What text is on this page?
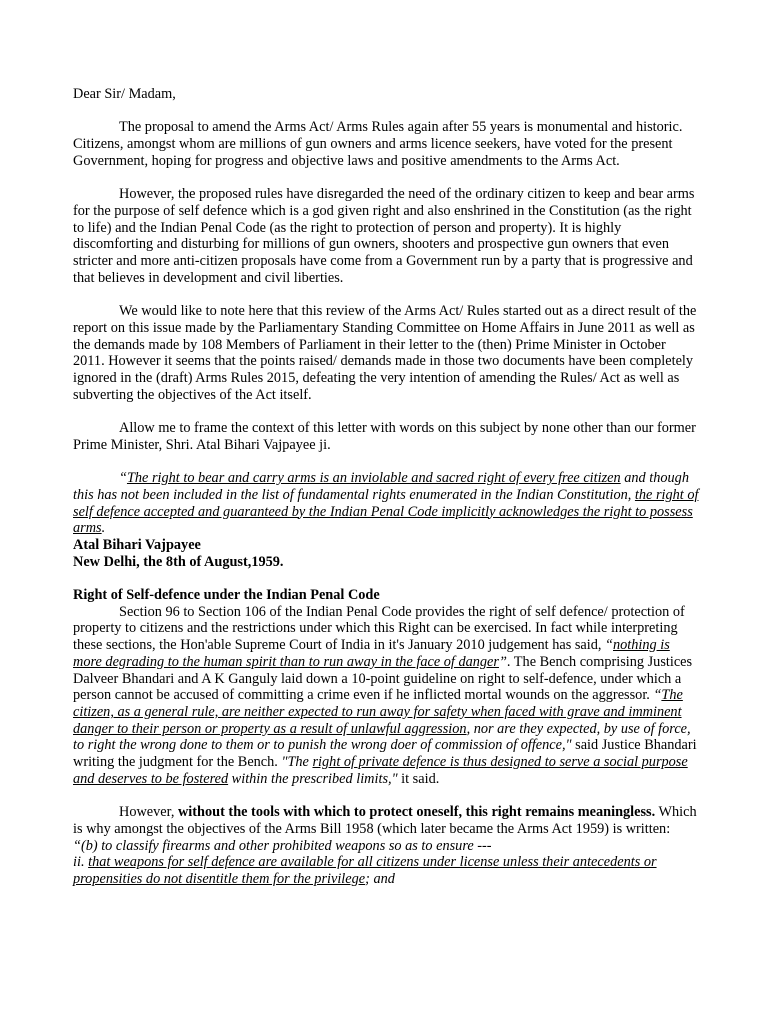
Dear Sir/ Madam,

The proposal to amend the Arms Act/ Arms Rules again after 55 years is monumental and historic. Citizens, amongst whom are millions of gun owners and arms licence seekers, have voted for the present Government, hoping for progress and objective laws and positive amendments to the Arms Act.

However, the proposed rules have disregarded the need of the ordinary citizen to keep and bear arms for the purpose of self defence which is a god given right and also enshrined in the Constitution (as the right to life) and the Indian Penal Code (as the right to protection of person and property). It is highly discomforting and disturbing for millions of gun owners, shooters and prospective gun owners that even stricter and more anti-citizen proposals have come from a Government run by a party that is progressive and that believes in development and civil liberties.

We would like to note here that this review of the Arms Act/ Rules started out as a direct result of the report on this issue made by the Parliamentary Standing Committee on Home Affairs in June 2011 as well as the demands made by 108 Members of Parliament in their letter to the (then) Prime Minister in October 2011. However it seems that the points raised/ demands made in those two documents have been completely ignored in the (draft) Arms Rules 2015, defeating the very intention of amending the Rules/ Act as well as subverting the objectives of the Act itself.

Allow me to frame the context of this letter with words on this subject by none other than our former Prime Minister, Shri. Atal Bihari Vajpayee ji.

“The right to bear and carry arms is an inviolable and sacred right of every free citizen and though this has not been included in the list of fundamental rights enumerated in the Indian Constitution, the right of self defence accepted and guaranteed by the Indian Penal Code implicitly acknowledges the right to possess arms.

Atal Bihari Vajpayee

New Delhi, the 8th of August,1959.

Right of Self-defence under the Indian Penal Code

Section 96 to Section 106 of the Indian Penal Code provides the right of self defence/ protection of property to citizens and the restrictions under which this Right can be exercised. In fact while interpreting these sections, the Hon'able Supreme Court of India in it's January 2010 judgement has said, “nothing is more degrading to the human spirit than to run away in the face of danger”. The Bench comprising Justices Dalveer Bhandari and A K Ganguly laid down a 10-point guideline on right to self-defence, under which a person cannot be accused of committing a crime even if he inflicted mortal wounds on the aggressor. “The citizen, as a general rule, are neither expected to run away for safety when faced with grave and imminent danger to their person or property as a result of unlawful aggression, nor are they expected, by use of force, to right the wrong done to them or to punish the wrong doer of commission of offence," said Justice Bhandari writing the judgment for the Bench. "The right of private defence is thus designed to serve a social purpose and deserves to be fostered within the prescribed limits," it said.

However, without the tools with which to protect oneself, this right remains meaningless. Which is why amongst the objectives of the Arms Bill 1958 (which later became the Arms Act 1959) is written:

“(b) to classify firearms and other prohibited weapons so as to ensure ---

ii. that weapons for self defence are available for all citizens under license unless their antecedents or propensities do not disentitle them for the privilege; and
